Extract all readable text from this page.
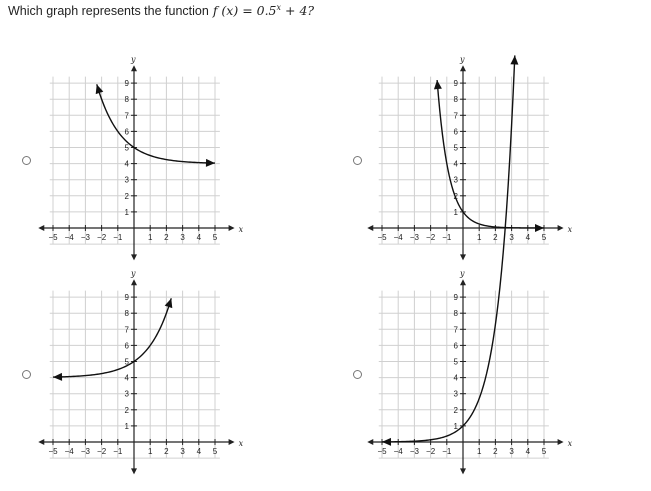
Which graph represents the function f $(x) = 0.5^x + 4$?
x
y
−5 −4 −3 −2 −1	1 2 3 4 5
1
2
3
4
5
6
7
8
9
x
y
−5 −4 −3 −2 −1	1 2 3 4 5
1
2
3
4
5
6
7
8
9
x
y
−5 −4 −3 −2 −1	1 2 3 4 5
1
2
3
4
5
6
7
8
9
x
y
−5 −4 −3 −2 −1	1 2 3 4 5
1
2
3
4
5
6
7
8
9
